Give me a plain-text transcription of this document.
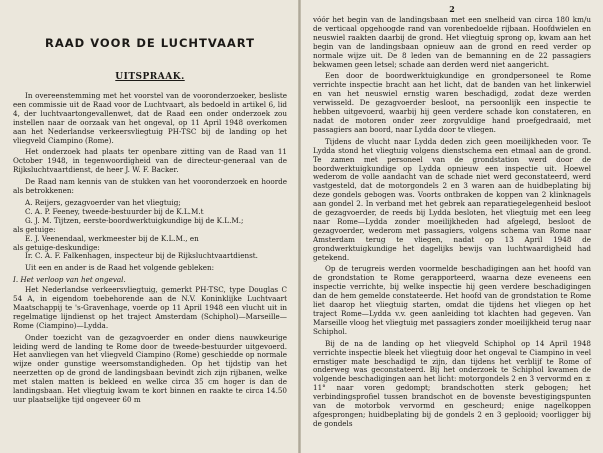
RAAD VOOR DE LUCHTVAART
UITSPRAAK.

In overeenstemming met het voorstel van de vooronderzoeker, besliste een commissie uit de Raad voor de Luchtvaart, als bedoeld in artikel 6, lid 4, der luchtvaartongevallenwet, dat de Raad een onder onderzoek zou instellen naar de oorzaak van het ongeval, op 11 April 1948 overkomen aan het Nederlandse verkeersvliegtuig PH-TSC bij de landing op het vliegveld Ciampino (Rome).

Het onderzoek had plaats ter openbare zitting van de Raad van 11 October 1948, in tegenwoordigheid van de directeur-generaal van de Rijksluchtvaartdienst, de heer J. W. F. Backer.

De Raad nam kennis van de stukken van het vooronderzoek en hoorde als betrokkenen:

A. Reijers, gezagvoerder van het vliegtuig;

C. A. P. Feeney, tweede-bestuurder bij de K.L.M.t

G. J. M. Tijtzen, eerste-boordwerktuigkundige bij de K.L.M.;

als getuige:

E. J. Veenendaal, werkmeester bij de K.L.M., en

als getuige-deskundige:

Ir. C. A. F. Falkenhagen, inspecteur bij de Rijksluchtvaartdienst.

Uit een en ander is de Raad het volgende gebleken:

I. Het verloop van het ongeval.

Het Nederlandse verkeersvliegtuig, gemerkt PH-TSC, type Douglas C 54 A, in eigendom toebehorende aan de N.V. Koninklijke Luchtvaart Maatschappij te 's-Gravenhage, voerde op 11 April 1948 een vlucht uit in regelmatige lijndienst op het traject Amsterdam (Schiphol)—Marseille—Rome (Ciampino)—Lydda.

Onder toezicht van de gezagvoerder en onder diens nauwkeurige leiding werd de landing te Rome door de tweede-bestuurder uitgevoerd. Het aanvliegen van het vliegveld Ciampino (Rome) geschiedde op normale wijze onder gunstige weersomstandigheden. Op het tijdstip van het neerzetten op de grond de landingsbaan bevindt zich zijn rijbanen, welke met stalen matten is bekleed en welke circa 35 cm hoger is dan de landingsbaan. Het vliegtuig kwam te kort binnen en raakte te circa 14.50 uur plaatselijke tijd ongeveer 60 m

2

vóór het begin van de landingsbaan met een snelheid van circa 180 km/u de verticaal opgehoogde rand van vorenbedoelde rijbaan. Hoofdwielen en neuswiel raakten daarbij de grond. Het vliegtuig sprong op, kwam aan het begin van de landingsbaan opnieuw aan de grond en reed verder op normale wijze uit. De 8 leden van de bemanning en de 22 passagiers bekwamen geen letsel; schade aan derden werd niet aangericht.

Een door de boordwerktuigkundige en grondpersoneel te Rome verrichte inspectie bracht aan het licht, dat de banden van het linkerwiel en van het neuswiel ernstig waren beschadigd, zodat deze werden verwisseld. De gezagvoerder besloot, na persoonlijk een inspectie te hebben uitgevoerd, waarbij hij geen verdere schade kon constateren, en nadat de motoren onder zeer zorgvuldige hand proefgedraaid, met passagiers aan boord, naar Lydda door te vliegen.

Tijdens de vlucht naar Lydda deden zich geen moeilijkheden voor. Te Lydda stond het vliegtuig volgens dienstschema een etmaal aan de grond. Te zamen met personeel van de grondstation werd door de boordwerktuigkundige op Lydda opnieuw een inspectie uit. Hoewel wederom de volle aandacht van de schade niet werd geconstateerd, werd vastgesteld, dat de motorgondels 2 en 3 waren aan de huidbeplating bij deze gondels gebogen was. Voorts ontbraken de koppen van 2 klinknagels aan gondel 2. In verband met het gebrek aan reparatiegelegenheid besloot de gezagvoerder, de reeds bij Lydda besloten, het vliegtuig met een leeg naar Rome—Lydda zonder moeilijkheden had afgelegd, besloot de gezagvoerder, wederom met passagiers, volgens schema van Rome naar Amsterdam terug te vliegen, nadat op 13 April 1948 de grondwerktuigkundige het dagelijks bewijs van luchtwaardigheid had getekend.

Op de terugreis werden voormelde beschadigingen aan het hoofd van de grondstation te Rome gerapporteerd, waarna deze eveneens een inspectie verrichte, bij welke inspectie hij geen verdere beschadigingen dan de hem gemelde constateerde. Het hoofd van de grondstation te Rome liet daarop het vliegtuig starten, omdat die tijdens het vliegen op het traject Rome—Lydda v.v. geen aanleiding tot klachten had gegeven. Van Marseille vloog het vliegtuig met passagiers zonder moeilijkheid terug naar Schiphol.

Bij de na de landing op het vliegveld Schiphol op 14 April 1948 verrichte inspectie bleek het vliegtuig door het ongeval te Ciampino in veel ernstiger mate beschadigd te zijn, dan tijdens het verblijf te Rome of onderweg was geconstateerd. Bij het onderzoek te Schiphol kwamen de volgende beschadigingen aan het licht: motorgondels 2 en 3 vervormd en ± 11° naar voren gedompt; brandschotten sterk gebogen; het verbindingsprofiel tussen brandschot en de bovenste bevestigingspunten van de motorbok vervormd en gescheurd; enige nagelkoppen afgesprongen; huidbeplating bij de gondels 2 en 3 geplooid; voorligger bij de gondels
